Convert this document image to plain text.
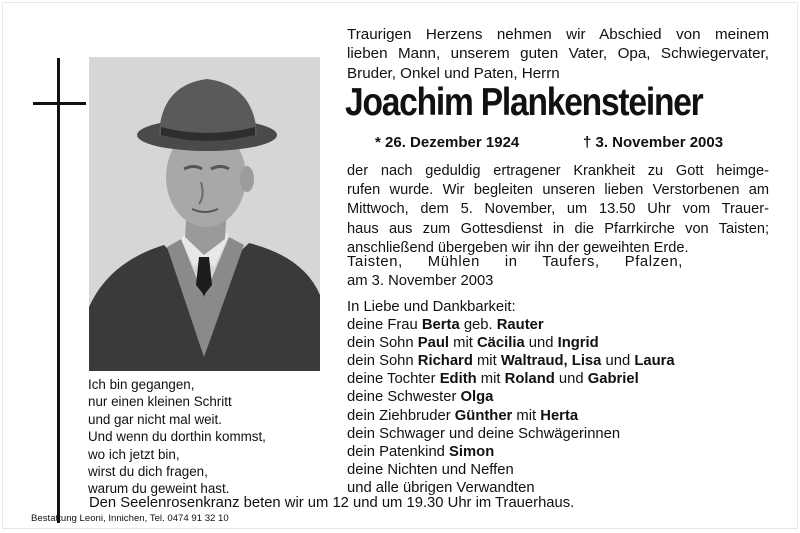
Ich bin gegangen,
nur einen kleinen Schritt
und gar nicht mal weit.
Und wenn du dorthin kommst,
wo ich jetzt bin,
wirst du dich fragen,
warum du geweint hast.
Traurigen Herzens nehmen wir Abschied von meinem
lieben Mann, unserem guten Vater, Opa, Schwiegervater,
Bruder, Onkel und Paten, Herrn
Joachim Plankensteiner
* 26. Dezember 1924	† 3. November 2003
der nach geduldig ertragener Krankheit zu Gott heimge-
rufen wurde. Wir begleiten unseren lieben Verstorbenen am
Mittwoch, dem 5. November, um 13.50 Uhr vom Trauer-
haus aus zum Gottesdienst in die Pfarrkirche von Taisten;
anschließend übergeben wir ihn der geweihten Erde.
Taisten, Mühlen in Taufers, Pfalzen,
am 3. November 2003
In Liebe und Dankbarkeit:
deine Frau Berta geb. Rauter
dein Sohn Paul mit Cäcilia und Ingrid
dein Sohn Richard mit Waltraud, Lisa und Laura
deine Tochter Edith mit Roland und Gabriel
deine Schwester Olga
dein Ziehbruder Günther mit Herta
dein Schwager und deine Schwägerinnen
dein Patenkind Simon
deine Nichten und Neffen
und alle übrigen Verwandten
Den Seelenrosenkranz beten wir um 12 und um 19.30 Uhr im Trauerhaus.
Bestattung Leoni, Innichen, Tel. 0474 91 32 10
